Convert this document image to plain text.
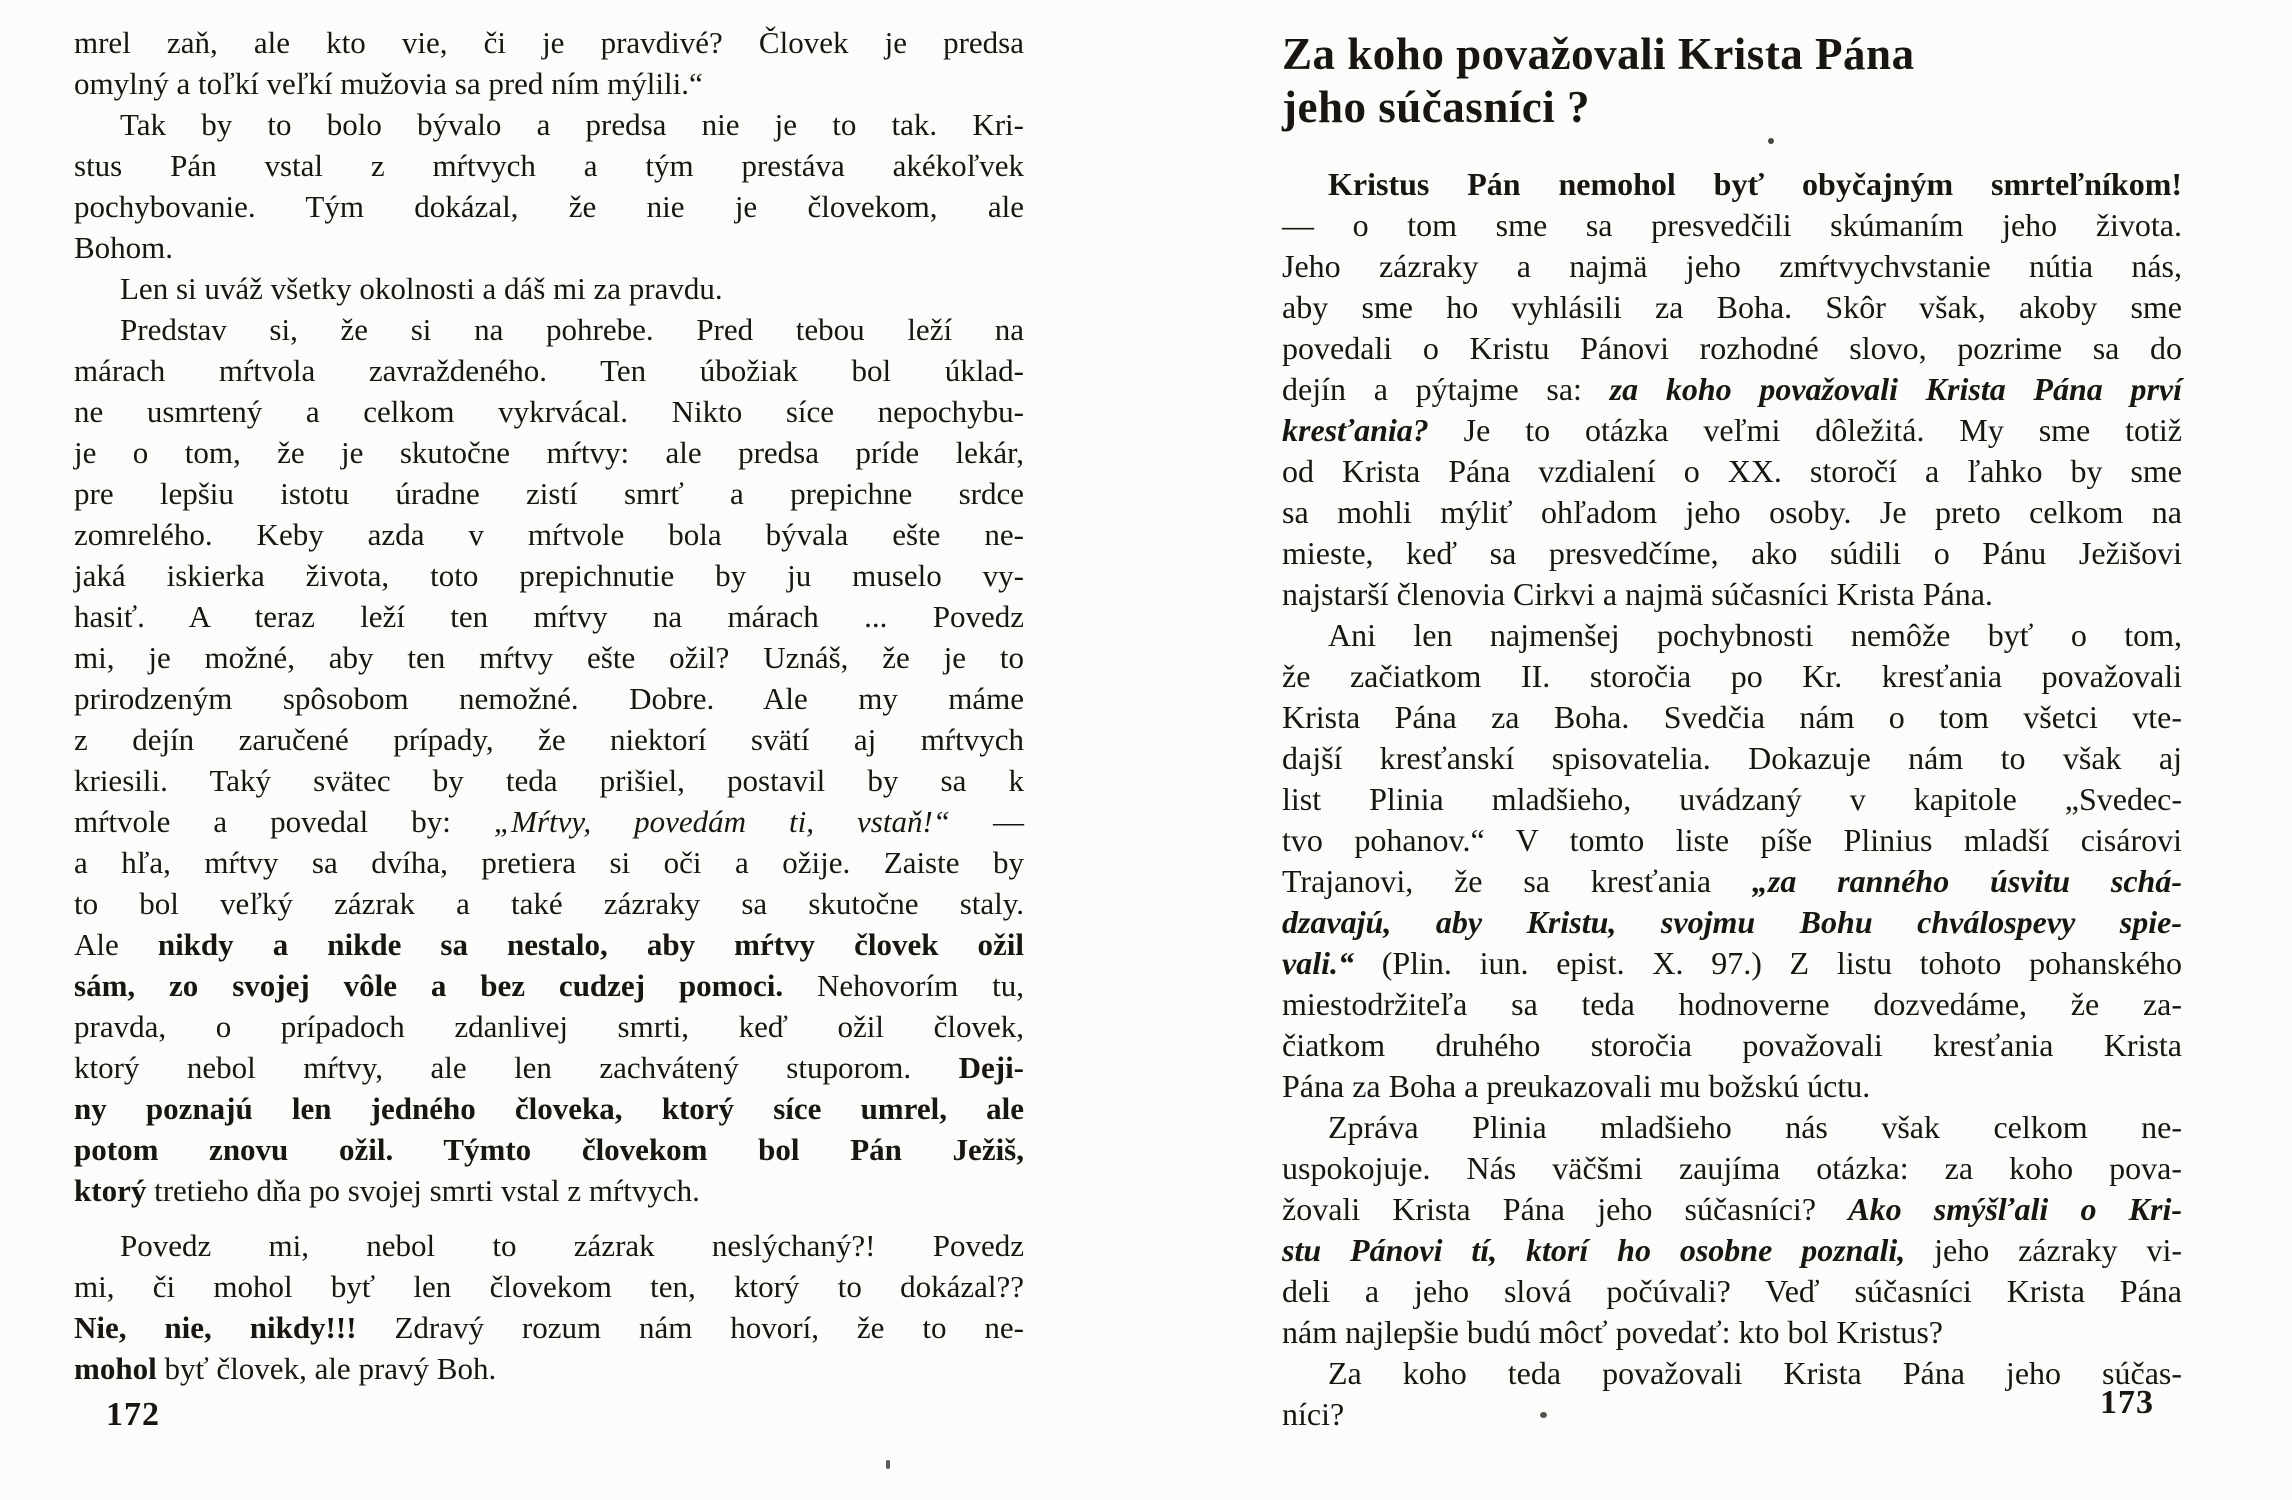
mrel zaň, ale kto vie, či je pravdivé? Človek je predsa
omylný a toľkí veľkí mužovia sa pred ním mýlili.“
Tak by to bolo bývalo a predsa nie je to tak. Kri-
stus Pán vstal z mŕtvych a tým prestáva akékoľvek
pochybovanie. Tým dokázal, že nie je človekom, ale
Bohom.
Len si uváž všetky okolnosti a dáš mi za pravdu.
Predstav si, že si na pohrebe. Pred tebou leží na
márach mŕtvola zavraždeného. Ten úbožiak bol úklad-
ne usmrtený a celkom vykrvácal. Nikto síce nepochybu-
je o tom, že je skutočne mŕtvy: ale predsa príde lekár,
pre lepšiu istotu úradne zistí smrť a prepichne srdce
zomrelého. Keby azda v mŕtvole bola bývala ešte ne-
jaká iskierka života, toto prepichnutie by ju muselo vy-
hasiť. A teraz leží ten mŕtvy na márach ... Povedz
mi, je možné, aby ten mŕtvy ešte ožil? Uznáš, že je to
prirodzeným spôsobom nemožné. Dobre. Ale my máme
z dejín zaručené prípady, že niektorí svätí aj mŕtvych
kriesili. Taký svätec by teda prišiel, postavil by sa k
mŕtvole a povedal by: „Mŕtvy, povedám ti, vstaň!“ —
a hľa, mŕtvy sa dvíha, pretiera si oči a ožije. Zaiste by
to bol veľký zázrak a také zázraky sa skutočne staly.
Ale nikdy a nikde sa nestalo, aby mŕtvy človek ožil
sám, zo svojej vôle a bez cudzej pomoci. Nehovorím tu,
pravda, o prípadoch zdanlivej smrti, keď ožil človek,
ktorý nebol mŕtvy, ale len zachvátený stuporom. Deji-
ny poznajú len jedného človeka, ktorý síce umrel, ale
potom znovu ožil. Týmto človekom bol Pán Ježiš,
ktorý tretieho dňa po svojej smrti vstal z mŕtvych.
Povedz mi, nebol to zázrak neslýchaný?! Povedz
mi, či mohol byť len človekom ten, ktorý to dokázal??
Nie, nie, nikdy!!! Zdravý rozum nám hovorí, že to ne-
mohol byť človek, ale pravý Boh.
Za koho považovali Krista Pána
jeho súčasníci ?
Kristus Pán nemohol byť obyčajným smrteľníkom!
— o tom sme sa presvedčili skúmaním jeho života.
Jeho zázraky a najmä jeho zmŕtvychvstanie nútia nás,
aby sme ho vyhlásili za Boha. Skôr však, akoby sme
povedali o Kristu Pánovi rozhodné slovo, pozrime sa do
dejín a pýtajme sa: za koho považovali Krista Pána prví
kresťania? Je to otázka veľmi dôležitá. My sme totiž
od Krista Pána vzdialení o XX. storočí a ľahko by sme
sa mohli mýliť ohľadom jeho osoby. Je preto celkom na
mieste, keď sa presvedčíme, ako súdili o Pánu Ježišovi
najstarší členovia Cirkvi a najmä súčasníci Krista Pána.
Ani len najmenšej pochybnosti nemôže byť o tom,
že začiatkom II. storočia po Kr. kresťania považovali
Krista Pána za Boha. Svedčia nám o tom všetci vte-
dajší kresťanskí spisovatelia. Dokazuje nám to však aj
list Plinia mladšieho, uvádzaný v kapitole „Svedec-
tvo pohanov.“ V tomto liste píše Plinius mladší cisárovi
Trajanovi, že sa kresťania „za ranného úsvitu schá-
dzavajú, aby Kristu, svojmu Bohu chválospevy spie-
vali.“ (Plin. iun. epist. X. 97.) Z listu tohoto pohanského
miestodržiteľa sa teda hodnoverne dozvedáme, že za-
čiatkom druhého storočia považovali kresťania Krista
Pána za Boha a preukazovali mu božskú úctu.
Zpráva Plinia mladšieho nás však celkom ne-
uspokojuje. Nás väčšmi zaujíma otázka: za koho pova-
žovali Krista Pána jeho súčasníci? Ako smýšľali o Kri-
stu Pánovi tí, ktorí ho osobne poznali, jeho zázraky vi-
deli a jeho slová počúvali? Veď súčasníci Krista Pána
nám najlepšie budú môcť povedať: kto bol Kristus?
Za koho teda považovali Krista Pána jeho súčas-
níci?
172	173
